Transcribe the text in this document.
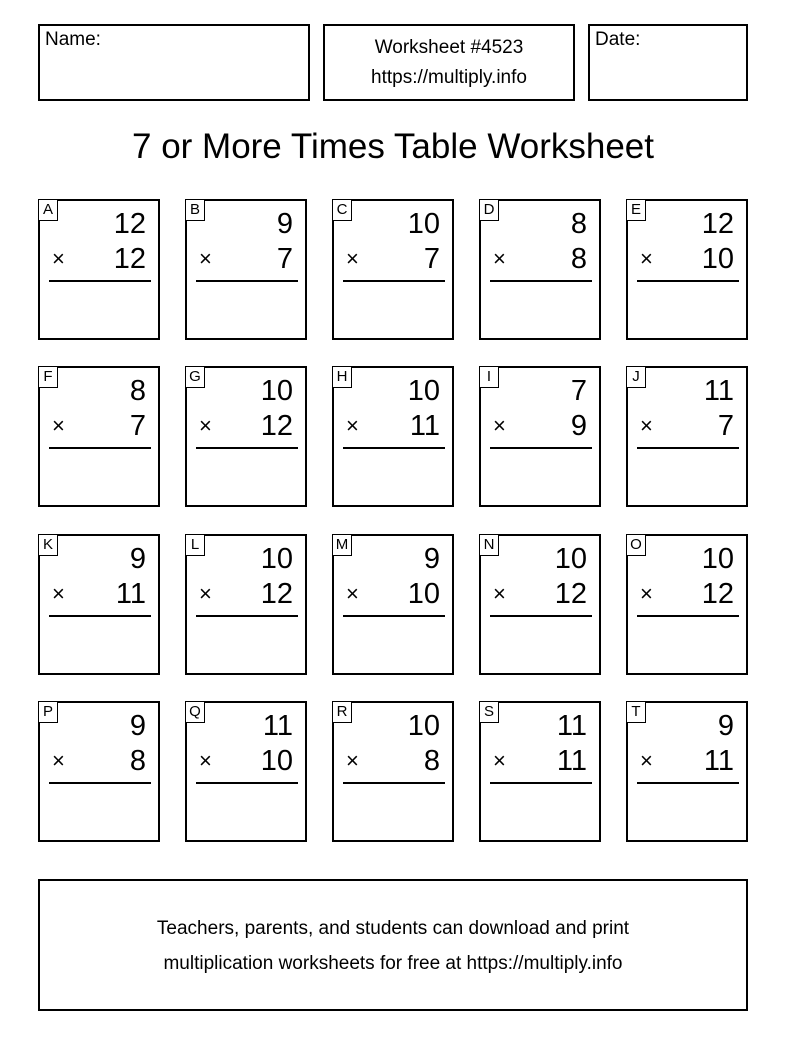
Name:	Worksheet #4523
https://multiply.info
Date:
7 or More Times Table Worksheet
A 12
× 12
B	9
× 7
C 10
× 7
D	8
× 8
E 12
× 10
F	8
× 7
G 10
× 12
H 10
× 11
I	7
× 9
J 11
× 7
K	9
× 11
L 10
× 12
M	9
× 10
N 10
× 12
O 10
× 12
P	9
× 8
Q 11
× 10
R 10
× 8
S 11
× 11
T	9
× 11
Teachers, parents, and students can download and print
multiplication worksheets for free at https://multiply.info
